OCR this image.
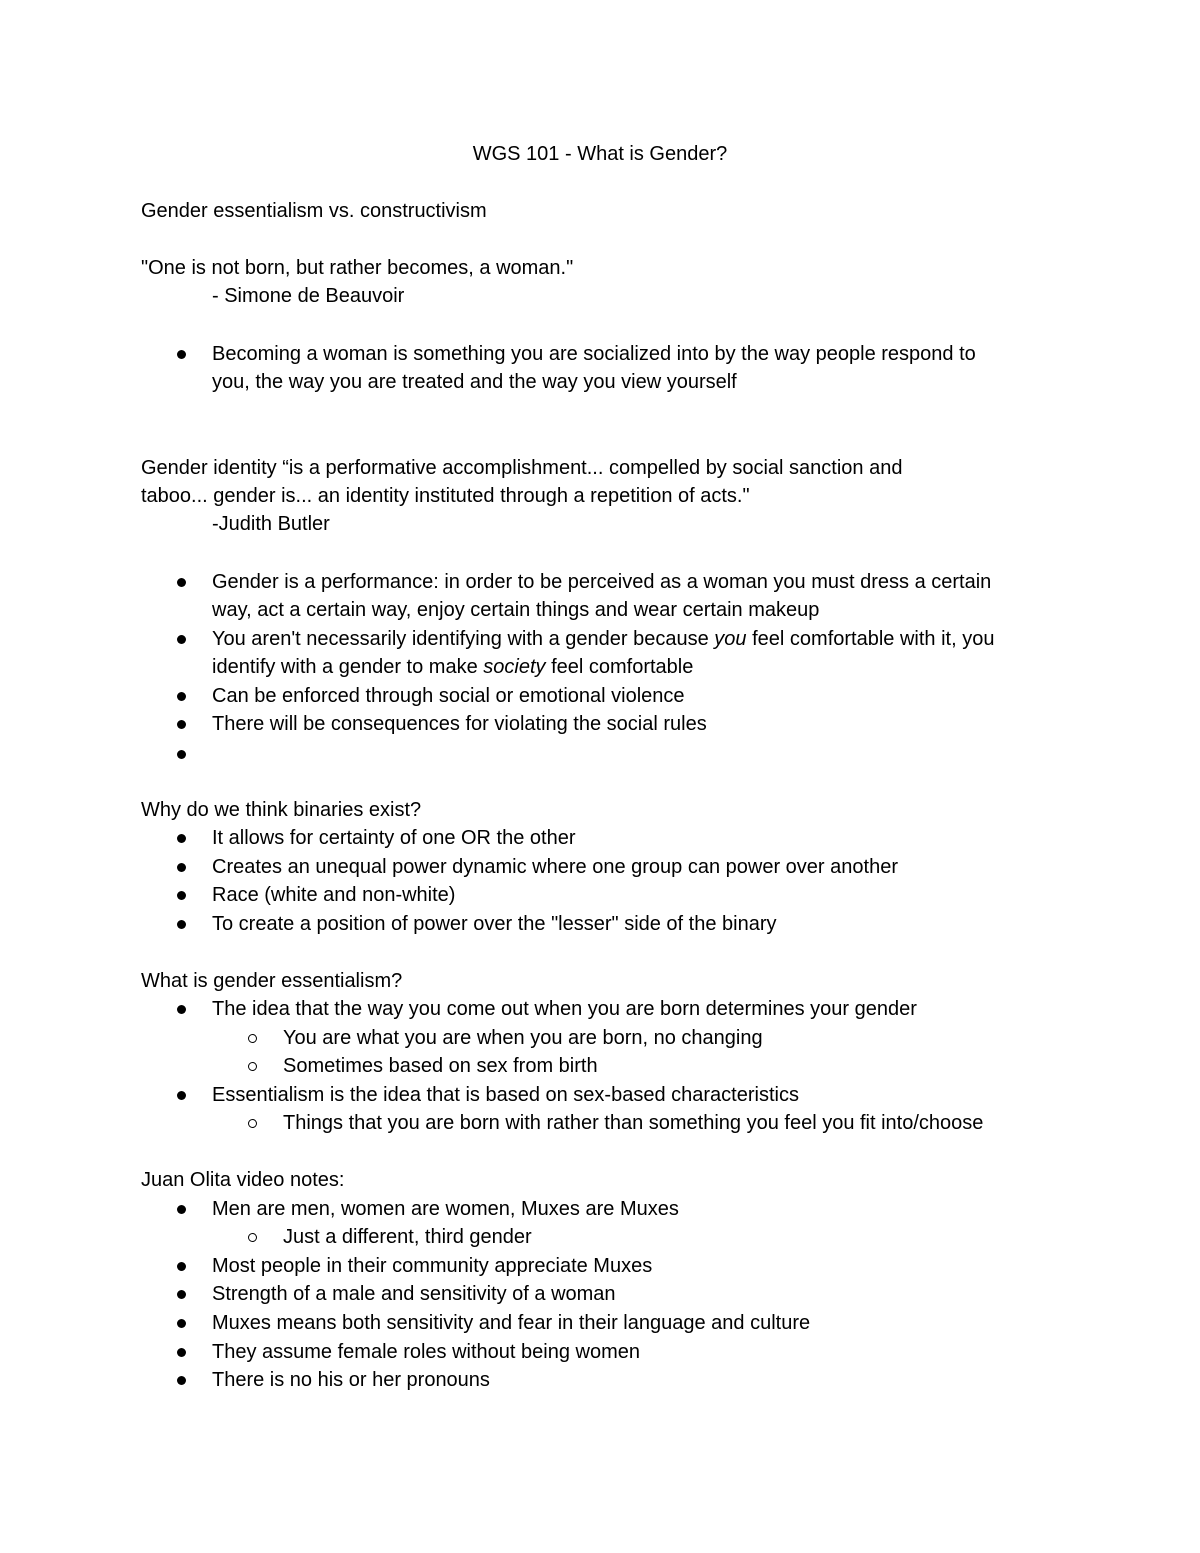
WGS 101 - What is Gender?
Gender essentialism vs. constructivism
"One is not born, but rather becomes, a woman."
- Simone de Beauvoir
Becoming a woman is something you are socialized into by the way people respond to
you, the way you are treated and the way you view yourself
Gender identity “is a performative accomplishment... compelled by social sanction and
taboo... gender is... an identity instituted through a repetition of acts."
-Judith Butler
Gender is a performance: in order to be perceived as a woman you must dress a certain
way, act a certain way, enjoy certain things and wear certain makeup
You aren't necessarily identifying with a gender because you feel comfortable with it, you
identify with a gender to make society feel comfortable
Can be enforced through social or emotional violence
There will be consequences for violating the social rules
Why do we think binaries exist?
It allows for certainty of one OR the other
Creates an unequal power dynamic where one group can power over another
Race (white and non-white)
To create a position of power over the "lesser" side of the binary
What is gender essentialism?
The idea that the way you come out when you are born determines your gender
You are what you are when you are born, no changing
Sometimes based on sex from birth
Essentialism is the idea that is based on sex-based characteristics
Things that you are born with rather than something you feel you fit into/choose
Juan Olita video notes:
Men are men, women are women, Muxes are Muxes
Just a different, third gender
Most people in their community appreciate Muxes
Strength of a male and sensitivity of a woman
Muxes means both sensitivity and fear in their language and culture
They assume female roles without being women
There is no his or her pronouns
